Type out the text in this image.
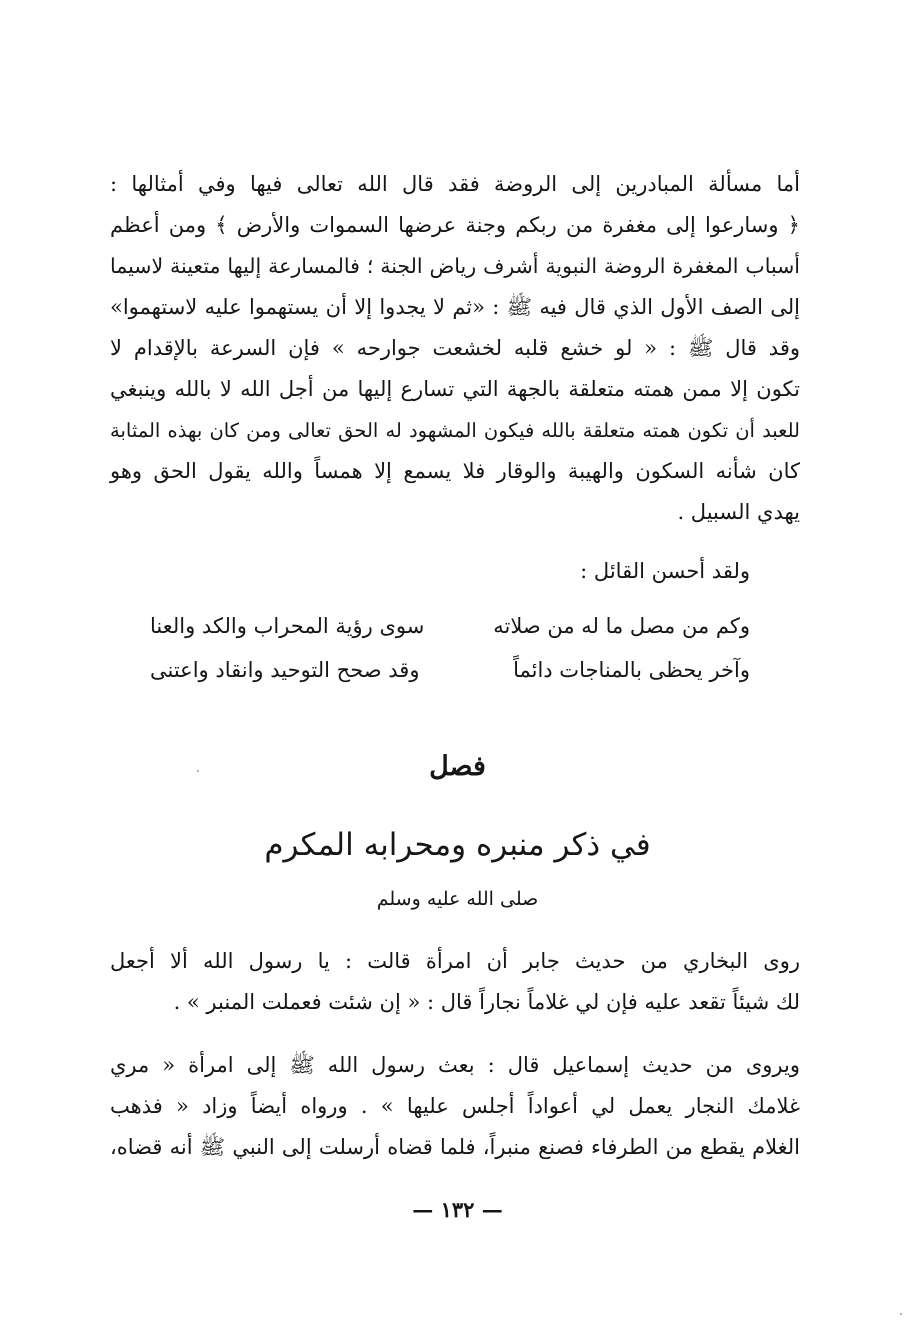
أما مسألة المبادرين إلى الروضة فقد قال الله تعالى فيها وفي أمثالها :
﴿ وسارعوا إلى مغفرة من ربكم وجنة عرضها السموات والأرض ﴾ ومن أعظم
أسباب المغفرة الروضة النبوية أشرف رياض الجنة ؛ فالمسارعة إليها متعينة لاسيما
إلى الصف الأول الذي قال فيه ﷺ : «ثم لا يجدوا إلا أن يستهموا عليه لاستهموا»
وقد قال ﷺ : « لو خشع قلبه لخشعت جوارحه » فإن السرعة بالإقدام لا
تكون إلا ممن همته متعلقة بالجهة التي تسارع إليها من أجل الله لا بالله وينبغي
للعبد أن تكون همته متعلقة بالله فيكون المشهود له الحق تعالى ومن كان بهذه المثابة
كان شأنه السكون والهيبة والوقار فلا يسمع إلا همساً والله يقول الحق وهو
يهدي السبيل .
ولقد أحسن القائل :
وكم من مصل ما له من صلاته
سوى رؤية المحراب والكد والعنا
وآخر يحظى بالمناجات دائماً
وقد صحح التوحيد وانقاد واعتنى
فصل
في ذكر منبره ومحرابه المكرم
صلى الله عليه وسلم
روى البخاري من حديث جابر أن امرأة قالت : يا رسول الله ألا أجعل
لك شيئاً تقعد عليه فإن لي غلاماً نجاراً قال : « إن شئت فعملت المنبر » .
ويروى من حديث إسماعيل قال : بعث رسول الله ﷺ إلى امرأة « مري
غلامك النجار يعمل لي أعواداً أجلس عليها » . ورواه أيضاً وزاد « فذهب
الغلام يقطع من الطرفاء فصنع منبراً، فلما قضاه أرسلت إلى النبي ﷺ أنه قضاه،
— ١٣٢ —
